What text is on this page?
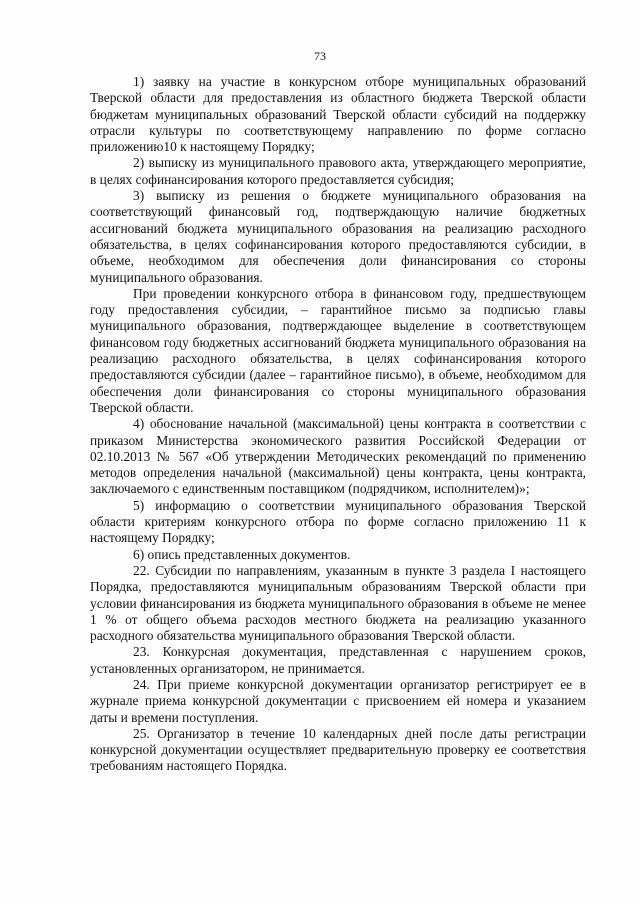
73

1) заявку на участие в конкурсном отборе муниципальных образований Тверской области для предоставления из областного бюджета Тверской области бюджетам муниципальных образований Тверской области субсидий на поддержку отрасли культуры по соответствующему направлению по форме согласно приложению10 к настоящему Порядку;

2) выписку из муниципального правового акта, утверждающего мероприятие, в целях софинансирования которого предоставляется субсидия;

3) выписку из решения о бюджете муниципального образования на соответствующий финансовый год, подтверждающую наличие бюджетных ассигнований бюджета муниципального образования на реализацию расходного обязательства, в целях софинансирования которого предоставляются субсидии, в объеме, необходимом для обеспечения доли финансирования со стороны муниципального образования.

При проведении конкурсного отбора в финансовом году, предшествующем году предоставления субсидии, – гарантийное письмо за подписью главы муниципального образования, подтверждающее выделение в соответствующем финансовом году бюджетных ассигнований бюджета муниципального образования на реализацию расходного обязательства, в целях софинансирования которого предоставляются субсидии (далее – гарантийное письмо), в объеме, необходимом для обеспечения доли финансирования со стороны муниципального образования Тверской области.

4) обоснование начальной (максимальной) цены контракта в соответствии с приказом Министерства экономического развития Российской Федерации от 02.10.2013 № 567 «Об утверждении Методических рекомендаций по применению методов определения начальной (максимальной) цены контракта, цены контракта, заключаемого с единственным поставщиком (подрядчиком, исполнителем)»;

5) информацию о соответствии муниципального образования Тверской области критериям конкурсного отбора по форме согласно приложению 11 к настоящему Порядку;

6) опись представленных документов.

22. Субсидии по направлениям, указанным в пункте 3 раздела I настоящего Порядка, предоставляются муниципальным образованиям Тверской области при условии финансирования из бюджета муниципального образования в объеме не менее 1 % от общего объема расходов местного бюджета на реализацию указанного расходного обязательства муниципального образования Тверской области.

23. Конкурсная документация, представленная с нарушением сроков, установленных организатором, не принимается.

24. При приеме конкурсной документации организатор регистрирует ее в журнале приема конкурсной документации с присвоением ей номера и указанием даты и времени поступления.

25. Организатор в течение 10 календарных дней после даты регистрации конкурсной документации осуществляет предварительную проверку ее соответствия требованиям настоящего Порядка.
